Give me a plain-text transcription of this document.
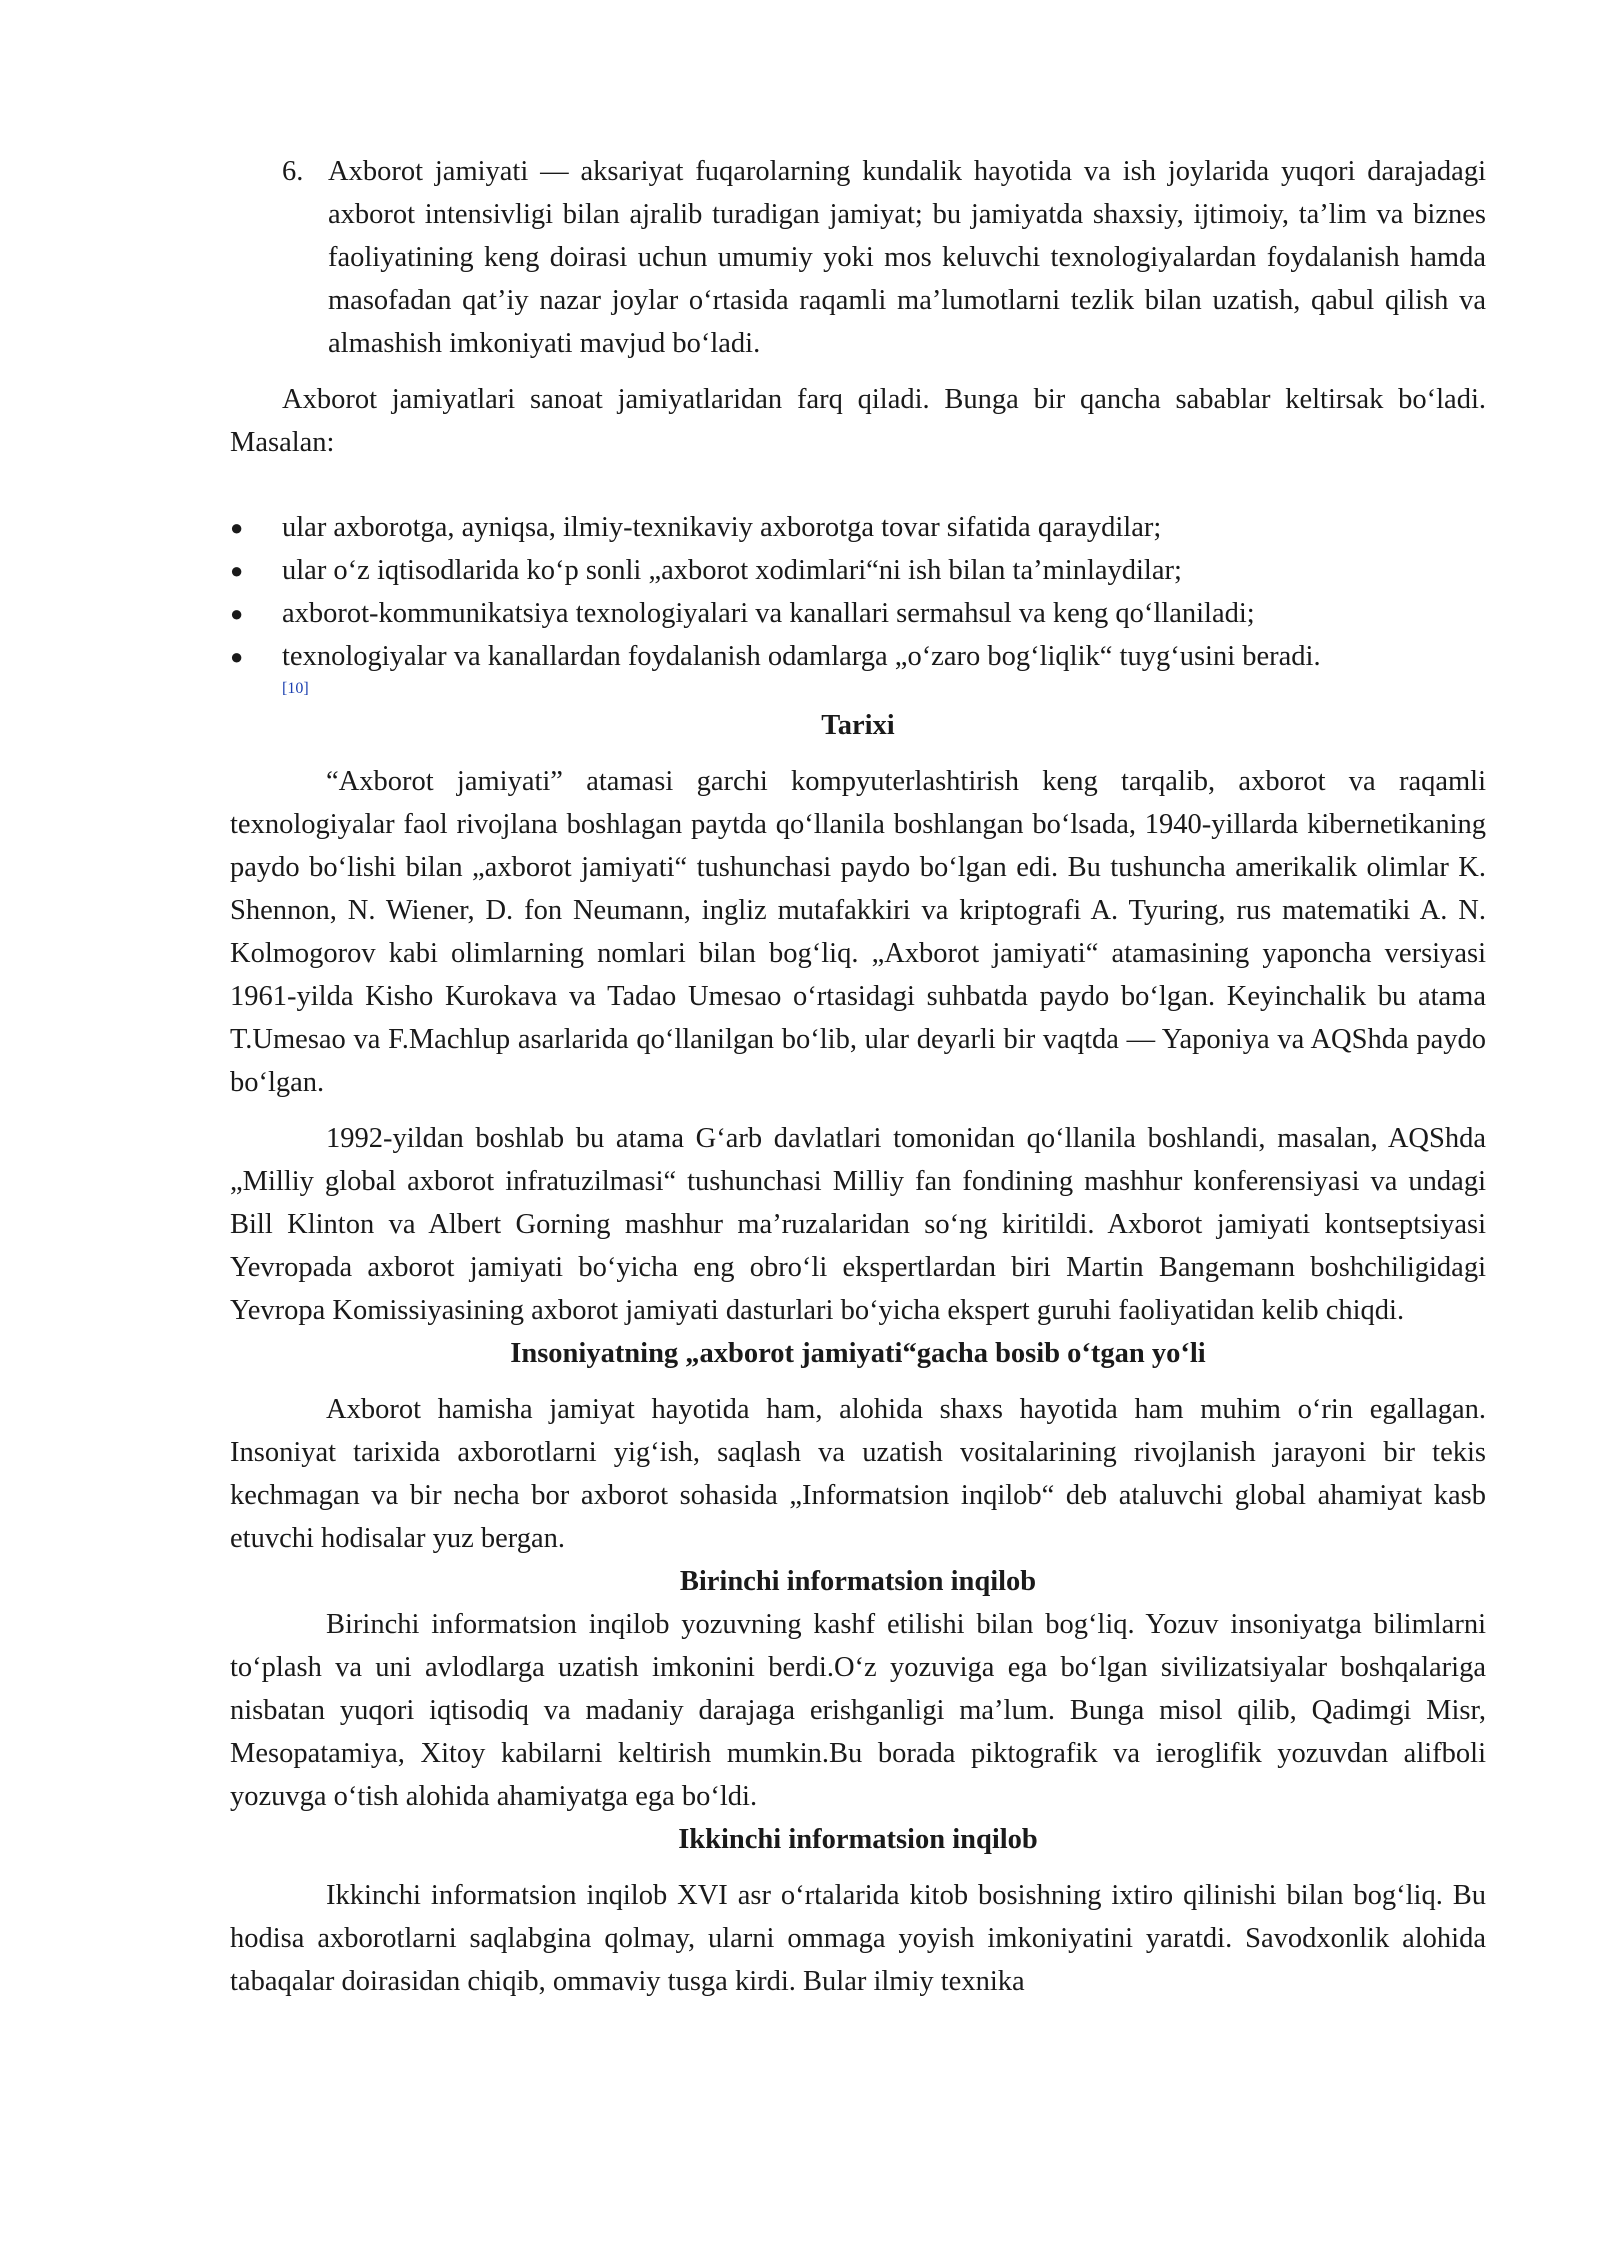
6. Axborot jamiyati — aksariyat fuqarolarning kundalik hayotida va ish joylarida yuqori darajadagi axborot intensivligi bilan ajralib turadigan jamiyat; bu jamiyatda shaxsiy, ijtimoiy, ta’lim va biznes faoliyatining keng doirasi uchun umumiy yoki mos keluvchi texnologiyalardan foydalanish hamda masofadan qat’iy nazar joylar o‘rtasida raqamli ma’lumotlarni tezlik bilan uzatish, qabul qilish va almashish imkoniyati mavjud bo‘ladi.

Axborot jamiyatlari sanoat jamiyatlaridan farq qiladi. Bunga bir qancha sabablar keltirsak bo‘ladi. Masalan:

●	ular axborotga, ayniqsa, ilmiy-texnikaviy axborotga tovar sifatida qaraydilar;
●	ular o‘z iqtisodlarida ko‘p sonli „axborot xodimlari“ni ish bilan ta’minlaydilar;
●	axborot-kommunikatsiya texnologiyalari va kanallari sermahsul va keng qo‘llaniladi;
●	texnologiyalar va kanallardan foydalanish odamlarga „o‘zaro bog‘liqlik“ tuyg‘usini beradi.
[10]
Tarixi

“Axborot jamiyati” atamasi garchi kompyuterlashtirish keng tarqalib, axborot va raqamli texnologiyalar faol rivojlana boshlagan paytda qo‘llanila boshlangan bo‘lsada, 1940-yillarda kibernetikaning paydo bo‘lishi bilan „axborot jamiyati“ tushunchasi paydo bo‘lgan edi. Bu tushuncha amerikalik olimlar K. Shennon, N. Wiener, D. fon Neumann, ingliz mutafakkiri va kriptografi A. Tyuring, rus matematiki A. N. Kolmogorov kabi olimlarning nomlari bilan bog‘liq. „Axborot jamiyati“ atamasining yaponcha versiyasi 1961-yilda Kisho Kurokava va Tadao Umesao o‘rtasidagi suhbatda paydo bo‘lgan. Keyinchalik bu atama T.Umesao va F.Machlup asarlarida qo‘llanilgan bo‘lib, ular deyarli bir vaqtda — Yaponiya va AQShda paydo bo‘lgan.

1992-yildan boshlab bu atama G‘arb davlatlari tomonidan qo‘llanila boshlandi, masalan, AQShda „Milliy global axborot infratuzilmasi“ tushunchasi Milliy fan fondining mashhur konferensiyasi va undagi Bill Klinton va Albert Gorning mashhur ma’ruzalaridan so‘ng kiritildi. Axborot jamiyati kontseptsiyasi Yevropada axborot jamiyati bo‘yicha eng obro‘li ekspertlardan biri Martin Bangemann boshchiligidagi Yevropa Komissiyasining axborot jamiyati dasturlari bo‘yicha ekspert guruhi faoliyatidan kelib chiqdi.

Insoniyatning „axborot jamiyati“gacha bosib o‘tgan yo‘li

Axborot hamisha jamiyat hayotida ham, alohida shaxs hayotida ham muhim o‘rin egallagan. Insoniyat tarixida axborotlarni yig‘ish, saqlash va uzatish vositalarining rivojlanish jarayoni bir tekis kechmagan va bir necha bor axborot sohasida „Informatsion inqilob“ deb ataluvchi global ahamiyat kasb etuvchi hodisalar yuz bergan.

Birinchi informatsion inqilob

Birinchi informatsion inqilob yozuvning kashf etilishi bilan bog‘liq. Yozuv insoniyatga bilimlarni to‘plash va uni avlodlarga uzatish imkonini berdi.O‘z yozuviga ega bo‘lgan sivilizatsiyalar boshqalariga nisbatan yuqori iqtisodiq va madaniy darajaga erishganligi ma’lum. Bunga misol qilib, Qadimgi Misr, Mesopatamiya, Xitoy kabilarni keltirish mumkin.Bu borada piktografik va ieroglifik yozuvdan alifboli yozuvga o‘tish alohida ahamiyatga ega bo‘ldi.

Ikkinchi informatsion inqilob

Ikkinchi informatsion inqilob XVI asr o‘rtalarida kitob bosishning ixtiro qilinishi bilan bog‘liq. Bu hodisa axborotlarni saqlabgina qolmay, ularni ommaga yoyish imkoniyatini yaratdi. Savodxonlik alohida tabaqalar doirasidan chiqib, ommaviy tusga kirdi. Bular ilmiy texnika
